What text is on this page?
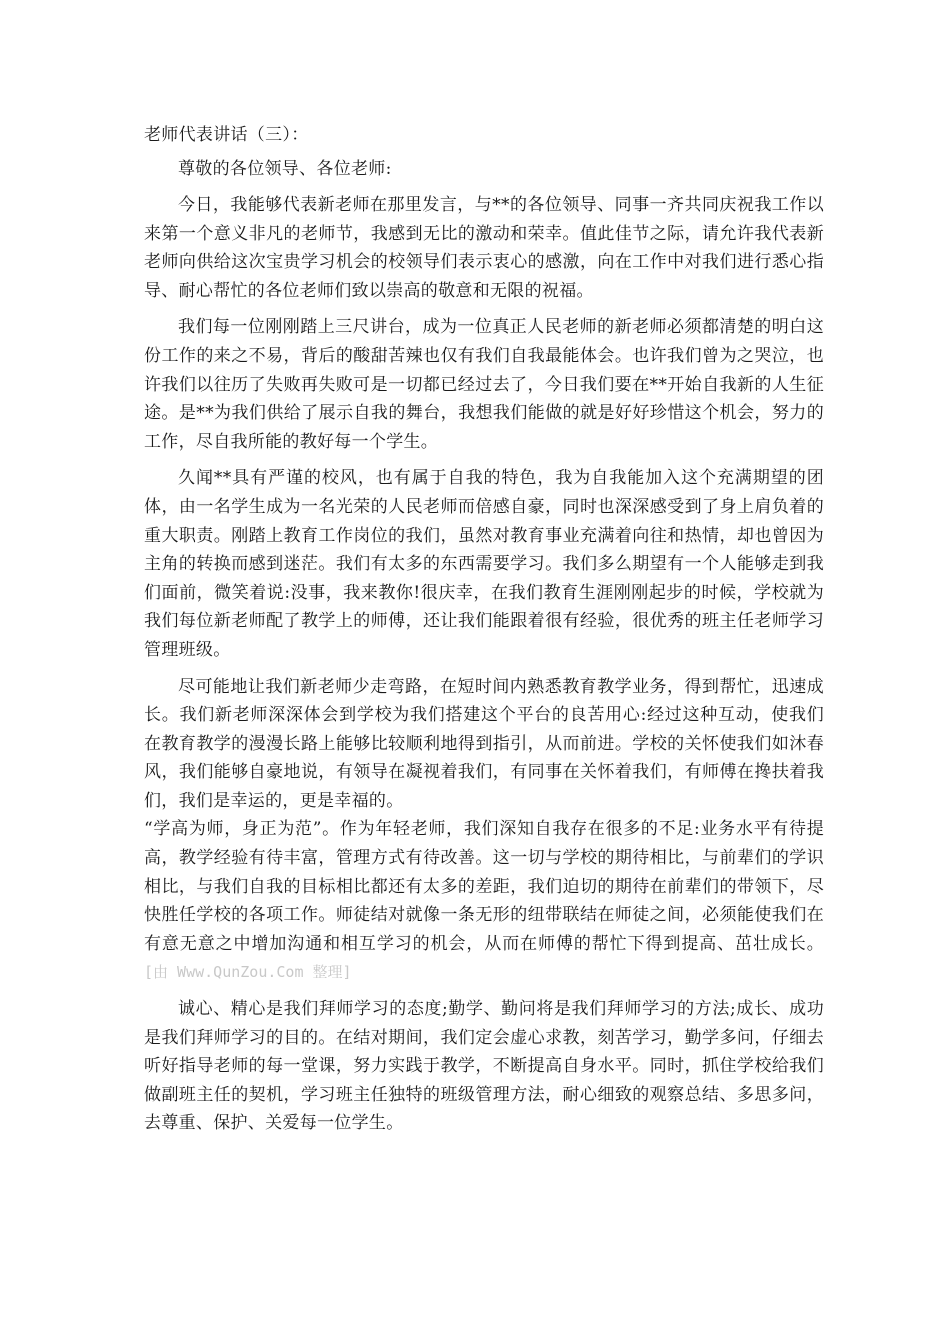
老师代表讲话（三）：

尊敬的各位领导、各位老师:

今日，我能够代表新老师在那里发言，与**的各位领导、同事一齐共同庆祝我工作以来第一个意义非凡的老师节，我感到无比的激动和荣幸。值此佳节之际，请允许我代表新老师向供给这次宝贵学习机会的校领导们表示衷心的感激，向在工作中对我们进行悉心指导、耐心帮忙的各位老师们致以崇高的敬意和无限的祝福。

我们每一位刚刚踏上三尺讲台，成为一位真正人民老师的新老师必须都清楚的明白这份工作的来之不易，背后的酸甜苦辣也仅有我们自我最能体会。也许我们曾为之哭泣，也许我们以往历了失败再失败可是一切都已经过去了，今日我们要在**开始自我新的人生征途。是**为我们供给了展示自我的舞台，我想我们能做的就是好好珍惜这个机会，努力的工作，尽自我所能的教好每一个学生。

久闻**具有严谨的校风，也有属于自我的特色，我为自我能加入这个充满期望的团体，由一名学生成为一名光荣的人民老师而倍感自豪，同时也深深感受到了身上肩负着的重大职责。刚踏上教育工作岗位的我们，虽然对教育事业充满着向往和热情，却也曾因为主角的转换而感到迷茫。我们有太多的东西需要学习。我们多么期望有一个人能够走到我们面前，微笑着说:没事，我来教你!很庆幸，在我们教育生涯刚刚起步的时候，学校就为我们每位新老师配了教学上的师傅，还让我们能跟着很有经验，很优秀的班主任老师学习管理班级。

尽可能地让我们新老师少走弯路，在短时间内熟悉教育教学业务，得到帮忙，迅速成长。我们新老师深深体会到学校为我们搭建这个平台的良苦用心:经过这种互动，使我们在教育教学的漫漫长路上能够比较顺利地得到指引，从而前进。学校的关怀使我们如沐春风，我们能够自豪地说，有领导在凝视着我们，有同事在关怀着我们，有师傅在搀扶着我们，我们是幸运的，更是幸福的。

“学高为师，身正为范”。作为年轻老师，我们深知自我存在很多的不足:业务水平有待提高，教学经验有待丰富，管理方式有待改善。这一切与学校的期待相比，与前辈们的学识相比，与我们自我的目标相比都还有太多的差距，我们迫切的期待在前辈们的带领下，尽快胜任学校的各项工作。师徒结对就像一条无形的纽带联结在师徒之间，必须能使我们在有意无意之中增加沟通和相互学习的机会，从而在师傅的帮忙下得到提高、茁壮成长。[由 Www.QunZou.Com 整理]

诚心、精心是我们拜师学习的态度;勤学、勤问将是我们拜师学习的方法;成长、成功是我们拜师学习的目的。在结对期间，我们定会虚心求教，刻苦学习，勤学多问，仔细去听好指导老师的每一堂课，努力实践于教学，不断提高自身水平。同时，抓住学校给我们做副班主任的契机，学习班主任独特的班级管理方法，耐心细致的观察总结、多思多问，去尊重、保护、关爱每一位学生。
